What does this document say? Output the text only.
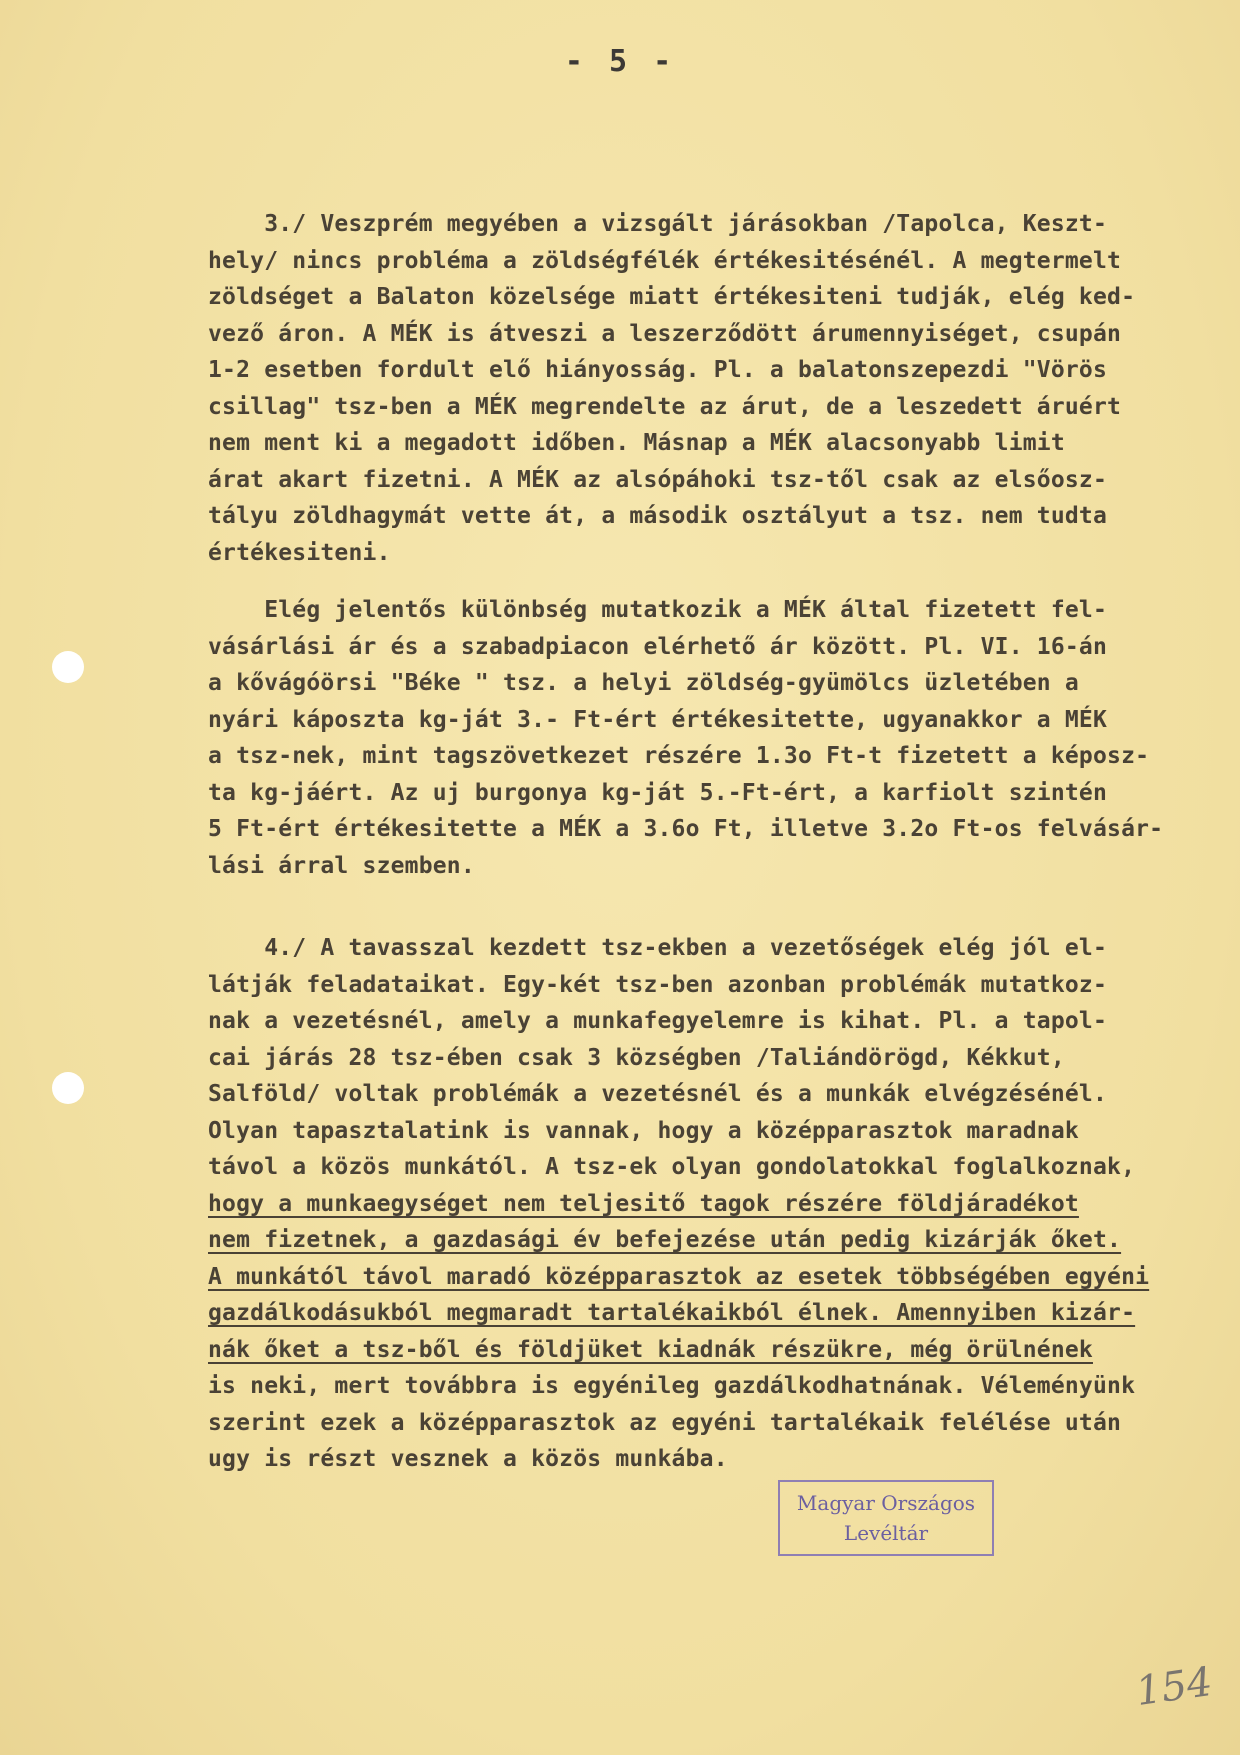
- 5 -
3./ Veszprém megyében a vizsgált járásokban /Tapolca, Keszt-
hely/ nincs probléma a zöldségfélék értékesitésénél. A megtermelt
zöldséget a Balaton közelsége miatt értékesiteni tudják, elég ked-
vező áron. A MÉK is átveszi a leszerződött árumennyiséget, csupán
1-2 esetben fordult elő hiányosság. Pl. a balatonszepezdi "Vörös
csillag" tsz-ben a MÉK megrendelte az árut, de a leszedett áruért
nem ment ki a megadott időben. Másnap a MÉK alacsonyabb limit
árat akart fizetni. A MÉK az alsópáhoki tsz-től csak az elsőosz-
tályu zöldhagymát vette át, a második osztályut a tsz. nem tudta
értékesiteni.
Elég jelentős különbség mutatkozik a MÉK által fizetett fel-
vásárlási ár és a szabadpiacon elérhető ár között. Pl. VI. 16-án
a kővágóörsi "Béke " tsz. a helyi zöldség-gyümölcs üzletében a
nyári káposzta kg-ját 3.- Ft-ért értékesitette, ugyanakkor a MÉK
a tsz-nek, mint tagszövetkezet részére 1.3o Ft-t fizetett a képosz-
ta kg-jáért. Az uj burgonya kg-ját 5.-Ft-ért, a karfiolt szintén
5 Ft-ért értékesitette a MÉK a 3.6o Ft, illetve 3.2o Ft-os felvásár-
lási árral szemben.
4./ A tavasszal kezdett tsz-ekben a vezetőségek elég jól el-
látják feladataikat. Egy-két tsz-ben azonban problémák mutatkoz-
nak a vezetésnél, amely a munkafegyelemre is kihat. Pl. a tapol-
cai járás 28 tsz-ében csak 3 községben /Taliándörögd, Kékkut,
Salföld/ voltak problémák a vezetésnél és a munkák elvégzésénél.
Olyan tapasztalatink is vannak, hogy a középparasztok maradnak
távol a közös munkától. A tsz-ek olyan gondolatokkal foglalkoznak,
hogy a munkaegységet nem teljesitő tagok részére földjáradékot
nem fizetnek, a gazdasági év befejezése után pedig kizárják őket.
A munkától távol maradó középparasztok az esetek többségében egyéni
gazdálkodásukból megmaradt tartalékaikból élnek. Amennyiben kizár-
nák őket a tsz-ből és földjüket kiadnák részükre, még örülnének
is neki, mert továbbra is egyénileg gazdálkodhatnának. Véleményünk
szerint ezek a középparasztok az egyéni tartalékaik felélése után
ugy is részt vesznek a közös munkába.
Magyar Országos
Levéltár
154
